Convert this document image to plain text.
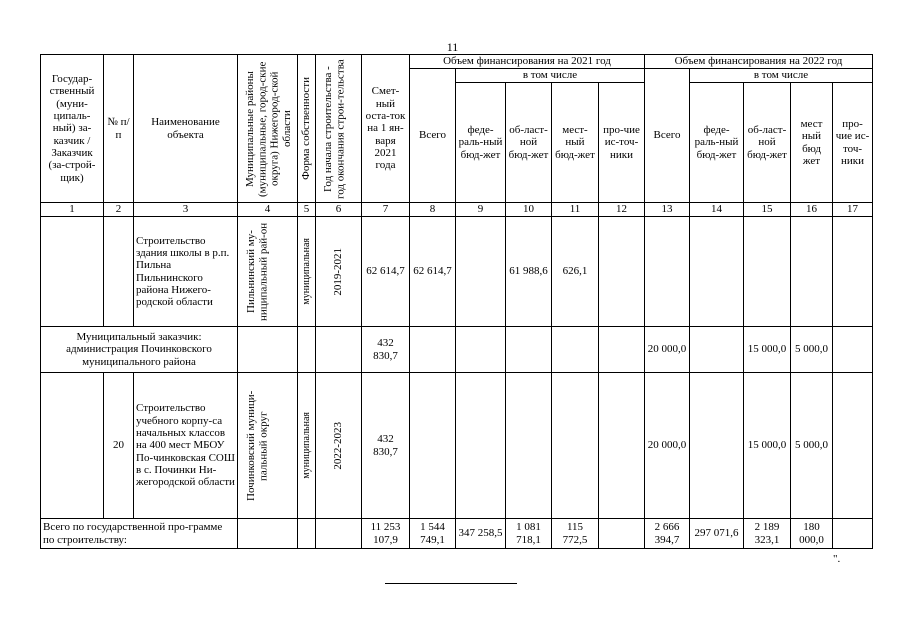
11
Государ-ственный (муни-ципаль-ный) за-казчик / Заказчик (за-строй-щик)	№ п/п	Наименование объекта	Муниципальные районы (муниципальные, город-ские округа) Нижегород-ской области	Форма собственности	Год начала строительства - год окончания строи-тельства	Смет-ный оста-ток на 1 ян-варя 2021 года	Объем финансирования на 2021 год					Объем финансирования на 2022 год				
							Всего	в том числе				Всего	в том числе			
								феде-раль-ный бюд-жет	об-ласт-ной бюд-жет	мест-ный бюд-жет	про-чие ис-точ-ники		феде-раль-ный бюд-жет	об-ласт-ной бюд-жет	мест ный бюд жет	про-чие ис-точ-ники
1	2	3	4	5	6	7	8	9	10	11	12	13	14	15	16	17
		Строительство здания школы в р.п. Пильна Пильнинского района Нижего-родской области	Пильнинский му-ниципальный рай-он	муниципальная	2019-2021	62 614,7	62 614,7		61 988,6	626,1						
Муниципальный заказчик: администрация Починковского муниципального района						432 830,7						20 000,0		15 000,0	5 000,0	
	20	Строительство учебного корпу-са начальных классов на 400 мест МБОУ По-чинковская СОШ в с. Починки Ни-жегородской области	Починковский муници-пальный округ	муниципальная	2022-2023	432 830,7						20 000,0		15 000,0	5 000,0	
Всего по государственной про-грамме по строительству:						11 253 107,9	1 544 749,1	347 258,5	1 081 718,1	115 772,5		2 666 394,7	297 071,6	2 189 323,1	180 000,0	
".
